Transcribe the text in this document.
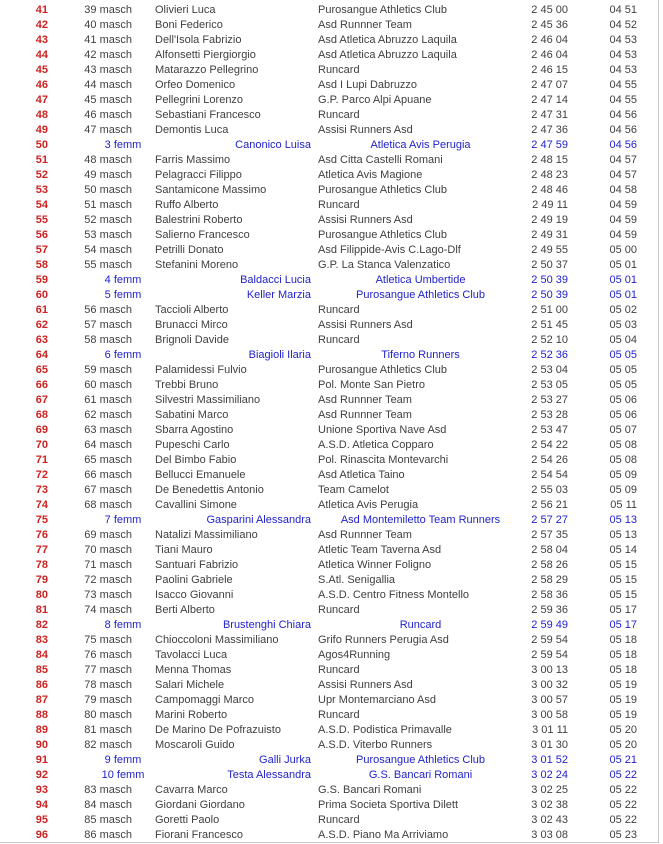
41	39 masch	Olivieri Luca	Purosangue Athletics Club	2 45 00	04 51
42	40 masch	Boni Federico	Asd Runnner Team	2 45 36	04 52
43	41 masch	Dell'Isola Fabrizio	Asd Atletica Abruzzo Laquila	2 46 04	04 53
44	42 masch	Alfonsetti Piergiorgio	Asd Atletica Abruzzo Laquila	2 46 04	04 53
45	43 masch	Matarazzo Pellegrino	Runcard	2 46 15	04 53
46	44 masch	Orfeo Domenico	Asd I Lupi Dabruzzo	2 47 07	04 55
47	45 masch	Pellegrini Lorenzo	G.P. Parco Alpi Apuane	2 47 14	04 55
48	46 masch	Sebastiani Francesco	Runcard	2 47 31	04 56
49	47 masch	Demontis Luca	Assisi Runners Asd	2 47 36	04 56
50	3 femm	Canonico Luisa	Atletica Avis Perugia	2 47 59	04 56
51	48 masch	Farris Massimo	Asd Citta Castelli Romani	2 48 15	04 57
52	49 masch	Pelagracci Filippo	Atletica Avis Magione	2 48 23	04 57
53	50 masch	Santamicone Massimo	Purosangue Athletics Club	2 48 46	04 58
54	51 masch	Ruffo Alberto	Runcard	2 49 11	04 59
55	52 masch	Balestrini Roberto	Assisi Runners Asd	2 49 19	04 59
56	53 masch	Salierno Francesco	Purosangue Athletics Club	2 49 31	04 59
57	54 masch	Petrilli Donato	Asd Filippide-Avis C.Lago-Dlf	2 49 55	05 00
58	55 masch	Stefanini Moreno	G.P. La Stanca Valenzatico	2 50 37	05 01
59	4 femm	Baldacci Lucia	Atletica Umbertide	2 50 39	05 01
60	5 femm	Keller Marzia	Purosangue Athletics Club	2 50 39	05 01
61	56 masch	Taccioli Alberto	Runcard	2 51 00	05 02
62	57 masch	Brunacci Mirco	Assisi Runners Asd	2 51 45	05 03
63	58 masch	Brignoli Davide	Runcard	2 52 10	05 04
64	6 femm	Biagioli Ilaria	Tiferno Runners	2 52 36	05 05
65	59 masch	Palamidessi Fulvio	Purosangue Athletics Club	2 53 04	05 05
66	60 masch	Trebbi Bruno	Pol. Monte San Pietro	2 53 05	05 05
67	61 masch	Silvestri Massimiliano	Asd Runnner Team	2 53 27	05 06
68	62 masch	Sabatini Marco	Asd Runnner Team	2 53 28	05 06
69	63 masch	Sbarra Agostino	Unione Sportiva Nave Asd	2 53 47	05 07
70	64 masch	Pupeschi Carlo	A.S.D. Atletica Copparo	2 54 22	05 08
71	65 masch	Del Bimbo Fabio	Pol. Rinascita Montevarchi	2 54 26	05 08
72	66 masch	Bellucci Emanuele	Asd Atletica Taino	2 54 54	05 09
73	67 masch	De Benedettis Antonio	Team Camelot	2 55 03	05 09
74	68 masch	Cavallini Simone	Atletica Avis Perugia	2 56 21	05 11
75	7 femm	Gasparini Alessandra	Asd Montemiletto Team Runners	2 57 27	05 13
76	69 masch	Natalizi Massimiliano	Asd Runnner Team	2 57 35	05 13
77	70 masch	Tiani Mauro	Atletic Team Taverna Asd	2 58 04	05 14
78	71 masch	Santuari Fabrizio	Atletica Winner Foligno	2 58 26	05 15
79	72 masch	Paolini Gabriele	S.Atl. Senigallia	2 58 29	05 15
80	73 masch	Isacco Giovanni	A.S.D. Centro Fitness Montello	2 58 36	05 15
81	74 masch	Berti Alberto	Runcard	2 59 36	05 17
82	8 femm	Brustenghi Chiara	Runcard	2 59 49	05 17
83	75 masch	Chioccoloni Massimiliano	Grifo Runners Perugia Asd	2 59 54	05 18
84	76 masch	Tavolacci Luca	Agos4Running	2 59 54	05 18
85	77 masch	Menna Thomas	Runcard	3 00 13	05 18
86	78 masch	Salari Michele	Assisi Runners Asd	3 00 32	05 19
87	79 masch	Campomaggi Marco	Upr Montemarciano Asd	3 00 57	05 19
88	80 masch	Marini Roberto	Runcard	3 00 58	05 19
89	81 masch	De Marino De Pofrazuisto	A.S.D. Podistica Primavalle	3 01 11	05 20
90	82 masch	Moscaroli Guido	A.S.D. Viterbo Runners	3 01 30	05 20
91	9 femm	Galli Jurka	Purosangue Athletics Club	3 01 52	05 21
92	10 femm	Testa Alessandra	G.S. Bancari Romani	3 02 24	05 22
93	83 masch	Cavarra Marco	G.S. Bancari Romani	3 02 25	05 22
94	84 masch	Giordani Giordano	Prima Societa Sportiva Dilett	3 02 38	05 22
95	85 masch	Goretti Paolo	Runcard	3 02 43	05 22
96	86 masch	Fiorani Francesco	A.S.D. Piano Ma Arriviamo	3 03 08	05 23
